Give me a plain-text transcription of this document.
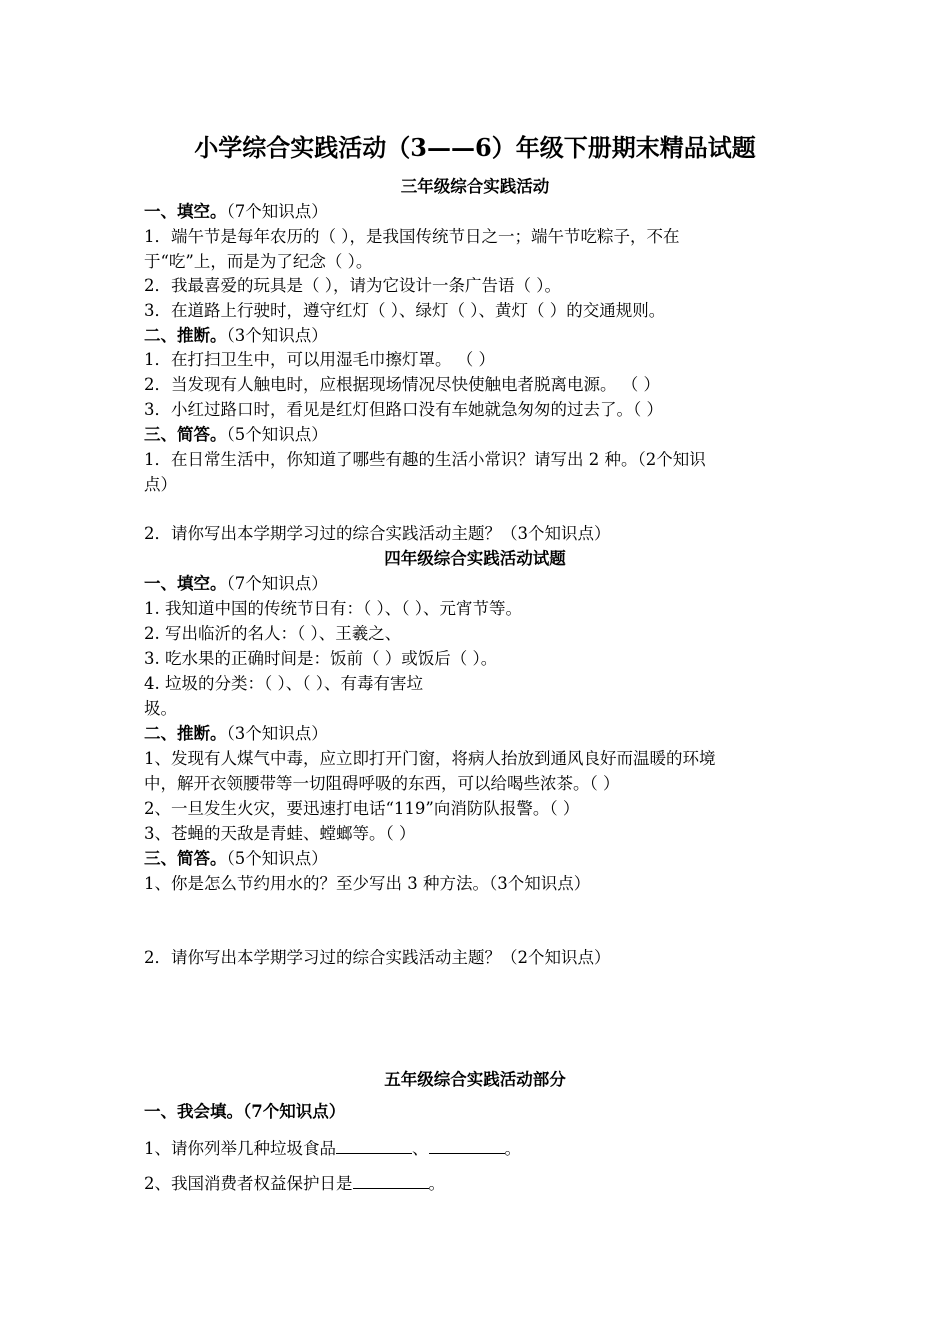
小学综合实践活动（3——6）年级下册期末精品试题
三年级综合实践活动
一、填空。（7个知识点）
1．端午节是每年农历的（ ），是我国传统节日之一；端午节吃粽子，不在
于“吃”上，而是为了纪念（ ）。
2．我最喜爱的玩具是（ ），请为它设计一条广告语（ ）。
3．在道路上行驶时，遵守红灯（ ）、绿灯（ ）、黄灯（ ）的交通规则。
二、推断。（3个知识点）
1．在打扫卫生中，可以用湿毛巾擦灯罩。 （ ）
2．当发现有人触电时，应根据现场情况尽快使触电者脱离电源。 （ ）
3．小红过路口时，看见是红灯但路口没有车她就急匆匆的过去了。（ ）
三、简答。（5个知识点）
1．在日常生活中，你知道了哪些有趣的生活小常识？请写出 2 种。（2个知识
点）
2．请你写出本学期学习过的综合实践活动主题？（3个知识点）
四年级综合实践活动试题
一、填空。（7个知识点）
1. 我知道中国的传统节日有：（ ）、（ ）、元宵节等。
2. 写出临沂的名人：（ ）、王羲之、
3. 吃水果的正确时间是：饭前（ ）或饭后（ ）。
4. 垃圾的分类：（ ）、（ ）、有毒有害垃
圾。
二、推断。（3个知识点）
1、发现有人煤气中毒，应立即打开门窗，将病人抬放到通风良好而温暖的环境
中，解开衣领腰带等一切阻碍呼吸的东西，可以给喝些浓茶。（ ）
2、一旦发生火灾，要迅速打电话“119”向消防队报警。（ ）
3、苍蝇的天敌是青蛙、螳螂等。（ ）
三、简答。（5个知识点）
1、你是怎么节约用水的？至少写出 3 种方法。（3个知识点）
2．请你写出本学期学习过的综合实践活动主题？（2个知识点）
五年级综合实践活动部分
一、我会填。（7个知识点）
1、请你列举几种垃圾食品	、	。
2、我国消费者权益保护日是	。
